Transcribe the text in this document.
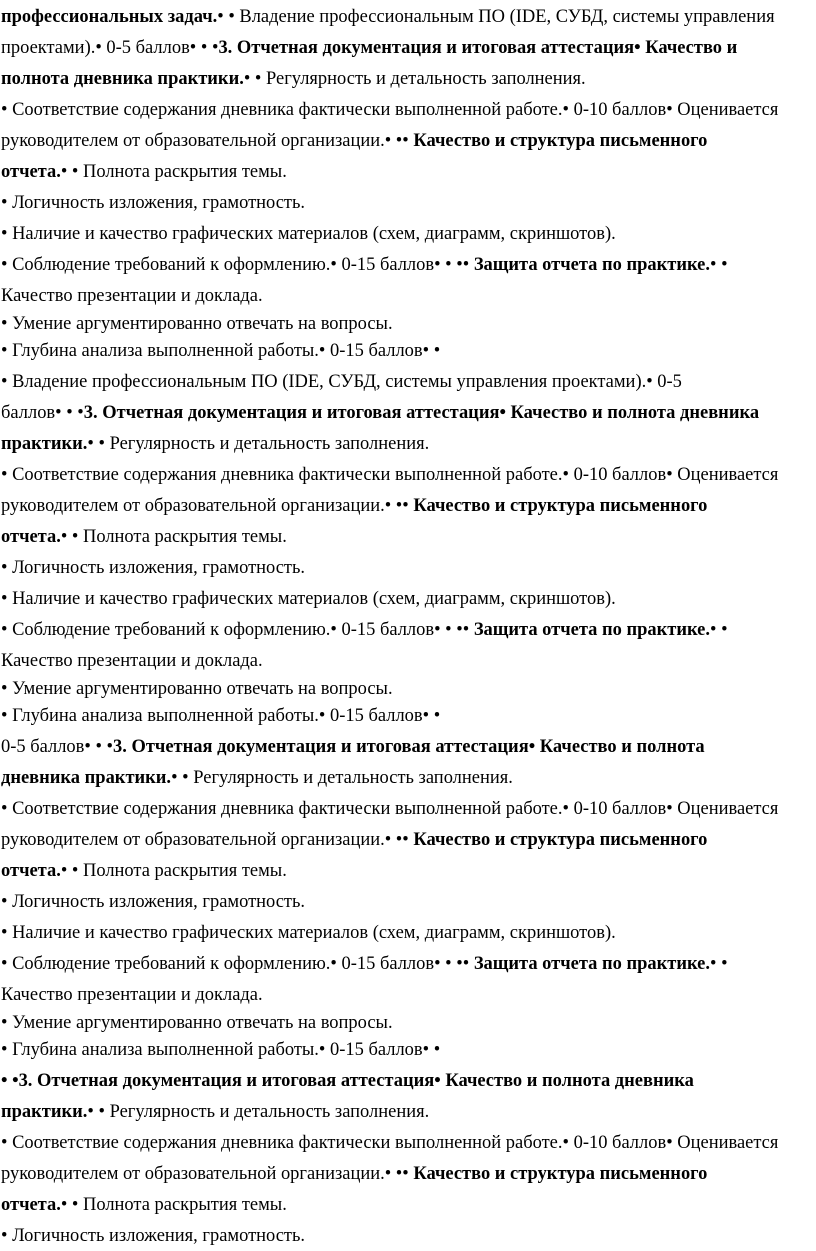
профессиональных задач.• • Владение профессиональным ПО (IDE, СУБД, системы управления
проектами).• 0-5 баллов• • •3. Отчетная документация и итоговая аттестация• Качество и
полнота дневника практики.• • Регулярность и детальность заполнения.
• Соответствие содержания дневника фактически выполненной работе.• 0-10 баллов• Оценивается
руководителем от образовательной организации.• •• Качество и структура письменного
отчета.• • Полнота раскрытия темы.
• Логичность изложения, грамотность.
• Наличие и качество графических материалов (схем, диаграмм, скриншотов).
• Соблюдение требований к оформлению.• 0-15 баллов• • •• Защита отчета по практике.• •
Качество презентации и доклада.
• Умение аргументированно отвечать на вопросы.
• Глубина анализа выполненной работы.• 0-15 баллов• •
• Владение профессиональным ПО (IDE, СУБД, системы управления проектами).• 0-5
баллов• • •3. Отчетная документация и итоговая аттестация• Качество и полнота дневника
практики.• • Регулярность и детальность заполнения.
• Соответствие содержания дневника фактически выполненной работе.• 0-10 баллов• Оценивается
руководителем от образовательной организации.• •• Качество и структура письменного
отчета.• • Полнота раскрытия темы.
• Логичность изложения, грамотность.
• Наличие и качество графических материалов (схем, диаграмм, скриншотов).
• Соблюдение требований к оформлению.• 0-15 баллов• • •• Защита отчета по практике.• •
Качество презентации и доклада.
• Умение аргументированно отвечать на вопросы.
• Глубина анализа выполненной работы.• 0-15 баллов• •
0-5 баллов• • •3. Отчетная документация и итоговая аттестация• Качество и полнота
дневника практики.• • Регулярность и детальность заполнения.
• Соответствие содержания дневника фактически выполненной работе.• 0-10 баллов• Оценивается
руководителем от образовательной организации.• •• Качество и структура письменного
отчета.• • Полнота раскрытия темы.
• Логичность изложения, грамотность.
• Наличие и качество графических материалов (схем, диаграмм, скриншотов).
• Соблюдение требований к оформлению.• 0-15 баллов• • •• Защита отчета по практике.• •
Качество презентации и доклада.
• Умение аргументированно отвечать на вопросы.
• Глубина анализа выполненной работы.• 0-15 баллов• •
• •3. Отчетная документация и итоговая аттестация• Качество и полнота дневника
практики.• • Регулярность и детальность заполнения.
• Соответствие содержания дневника фактически выполненной работе.• 0-10 баллов• Оценивается
руководителем от образовательной организации.• •• Качество и структура письменного
отчета.• • Полнота раскрытия темы.
• Логичность изложения, грамотность.
